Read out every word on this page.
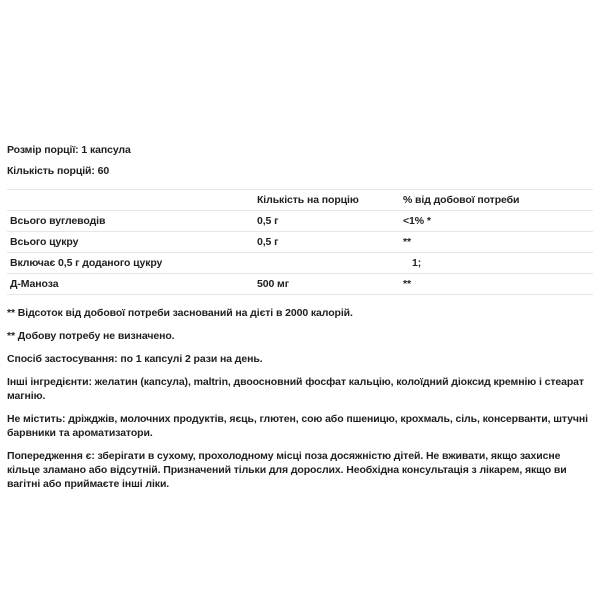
Розмір порції: 1 капсула
Кількість порцій: 60
	Кількість на порцію	% від добової потреби
Всього вуглеводів	0,5 г	<1% *
Всього цукру	0,5 г	**
Включає 0,5 г доданого цукру		1;
Д-Маноза	500 мг	**
** Відсоток від добової потреби заснований на дієті в 2000 калорій.
** Добову потребу не визначено.
Спосіб застосування: по 1 капсулі 2 рази на день.
Інші інгредієнти: желатин (капсула), maltrin, двоосновний фосфат кальцію, колоїдний діоксид кремнію і стеарат магнію.
Не містить: дріжджів, молочних продуктів, яєць, глютен, сою або пшеницю, крохмаль, сіль, консерванти, штучні барвники та ароматизатори.
Попередження є: зберігати в сухому, прохолодному місці поза досяжністю дітей. Не вживати, якщо захисне кільце зламано або відсутній. Призначений тільки для дорослих. Необхідна консультація з лікарем, якщо ви вагітні або приймаєте інші ліки.
